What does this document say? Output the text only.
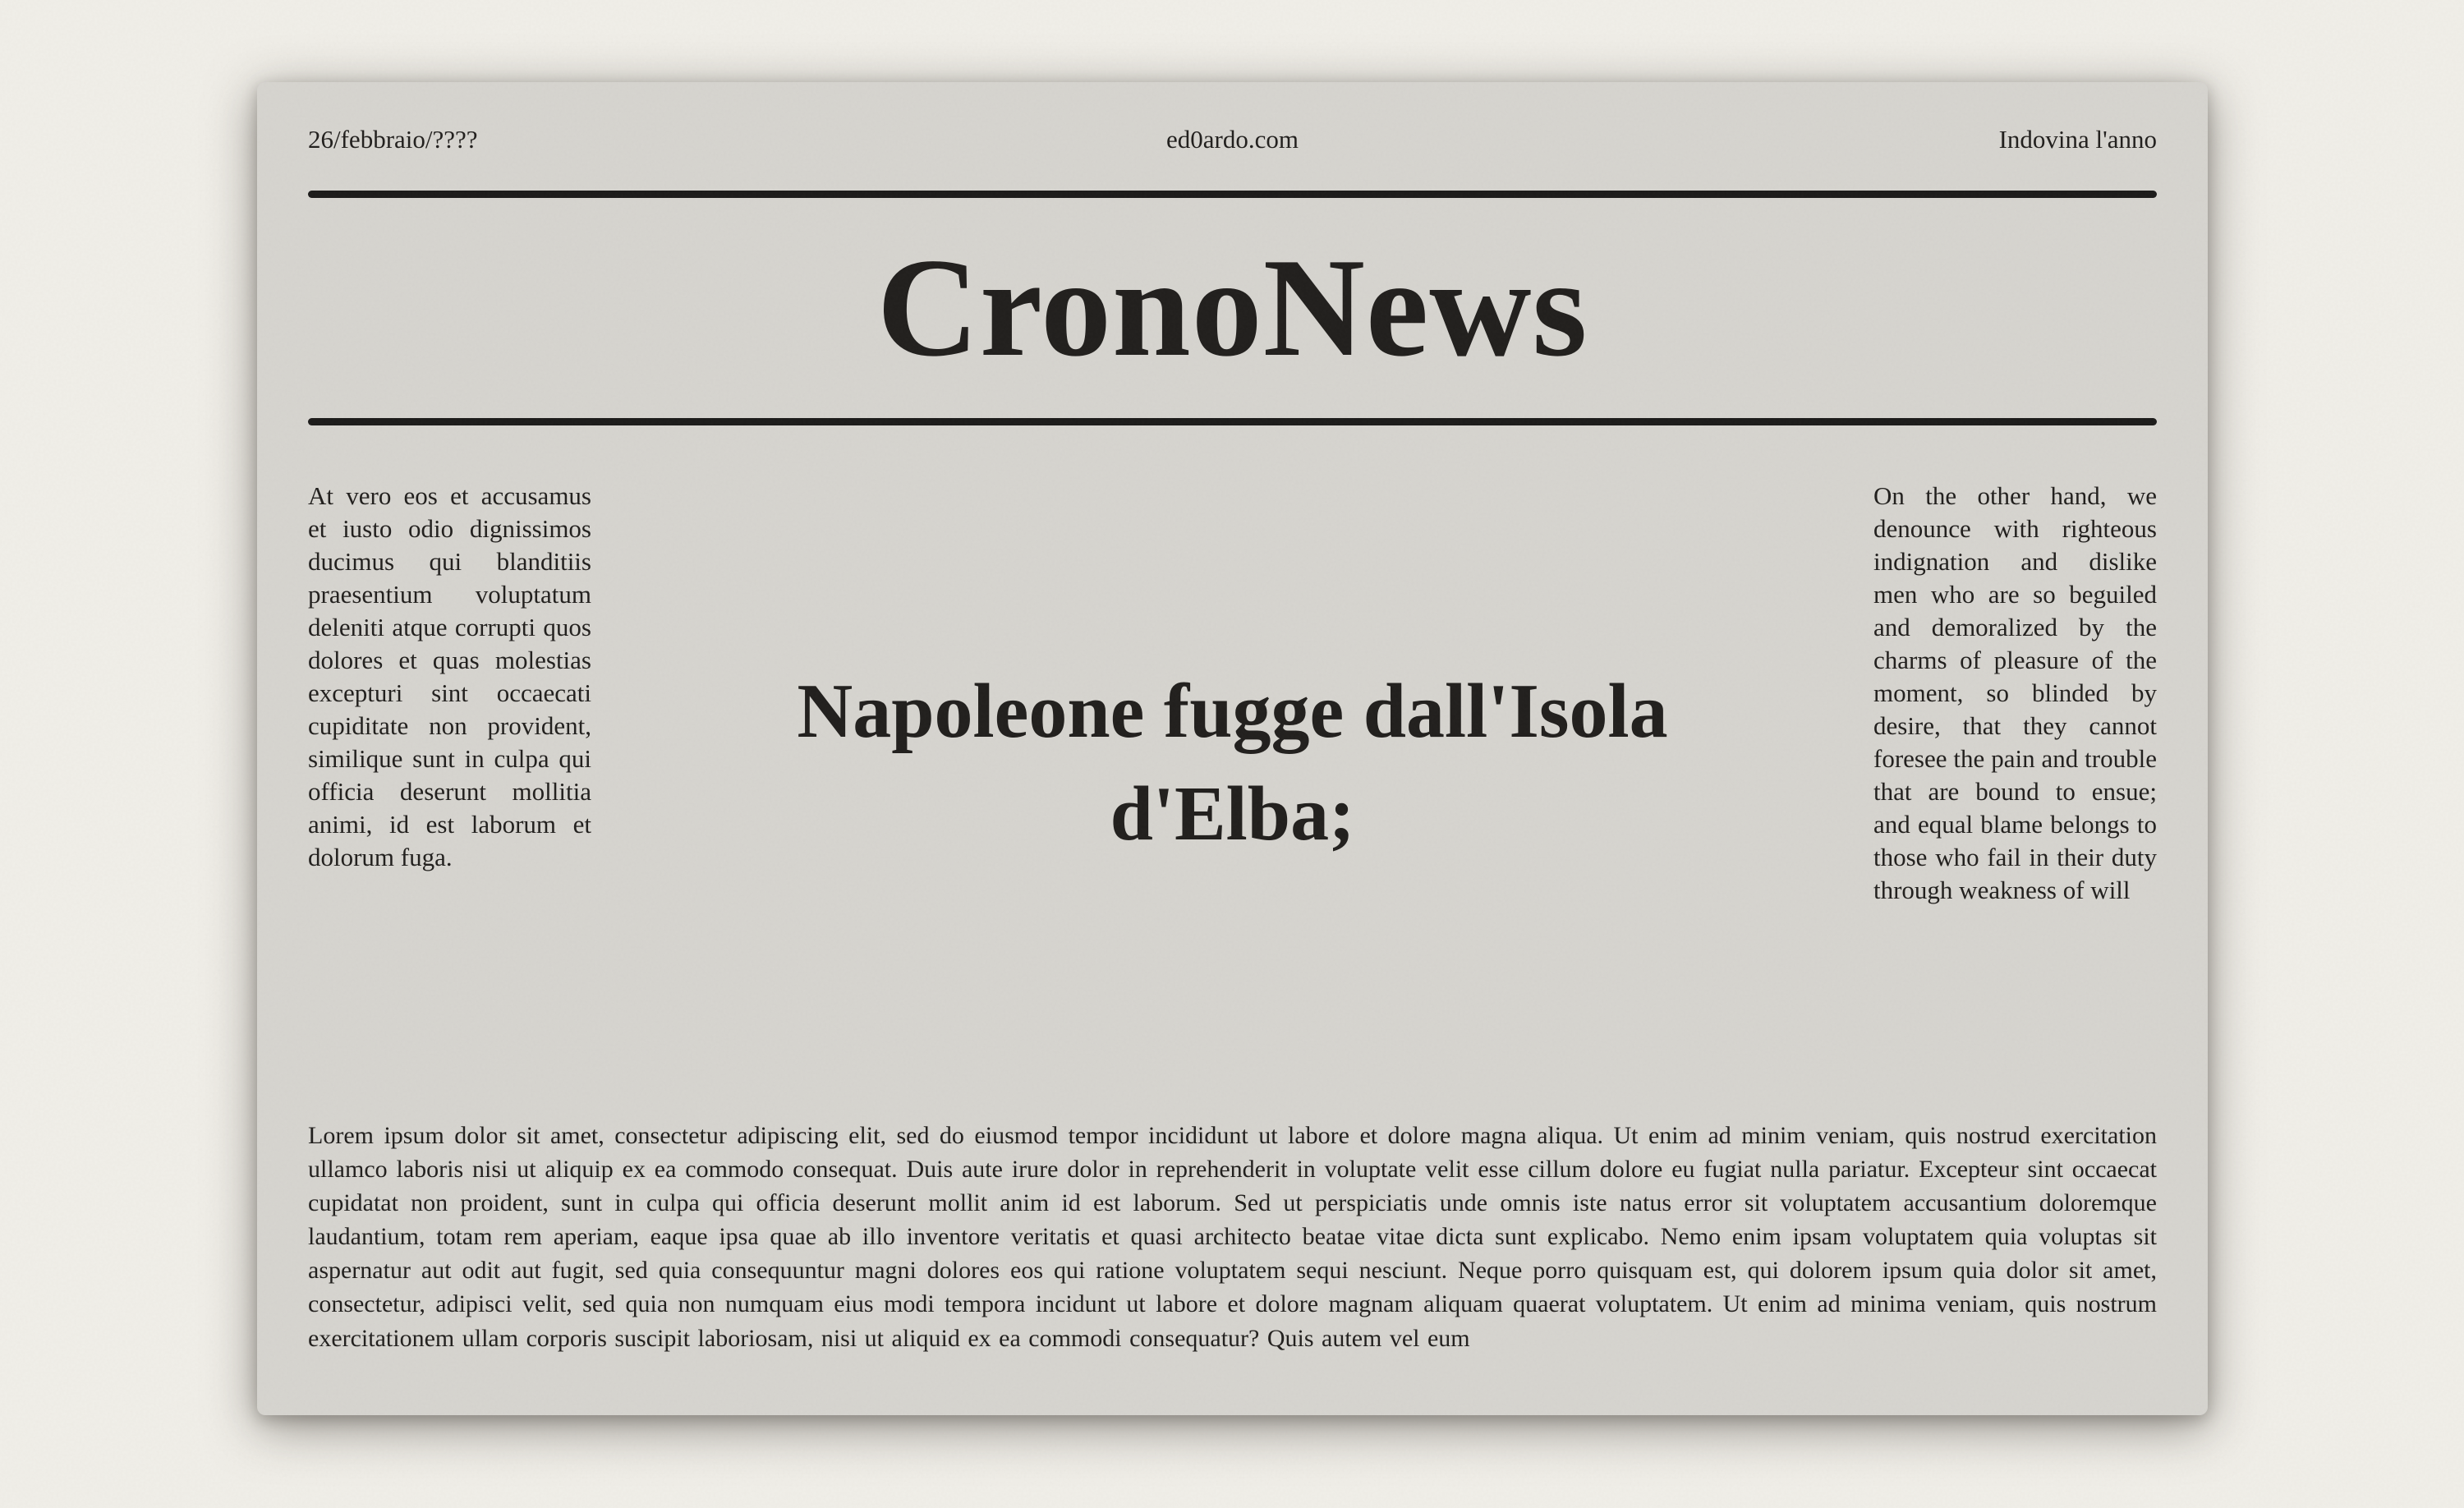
26/febbraio/????	ed0ardo.com	Indovina l'anno
CronoNews

At vero eos et accusamus et iusto odio dignissimos ducimus qui blanditiis praesentium voluptatum deleniti atque corrupti quos dolores et quas molestias excepturi sint occaecati cupiditate non provident, similique sunt in culpa qui officia deserunt mollitia animi, id est laborum et dolorum fuga.

Napoleone fugge dall'Isola d'Elba;

On the other hand, we denounce with righteous indignation and dislike men who are so beguiled and demoralized by the charms of pleasure of the moment, so blinded by desire, that they cannot foresee the pain and trouble that are bound to ensue; and equal blame belongs to those who fail in their duty through weakness of will

Lorem ipsum dolor sit amet, consectetur adipiscing elit, sed do eiusmod tempor incididunt ut labore et dolore magna aliqua. Ut enim ad minim veniam, quis nostrud exercitation ullamco laboris nisi ut aliquip ex ea commodo consequat. Duis aute irure dolor in reprehenderit in voluptate velit esse cillum dolore eu fugiat nulla pariatur. Excepteur sint occaecat cupidatat non proident, sunt in culpa qui officia deserunt mollit anim id est laborum. Sed ut perspiciatis unde omnis iste natus error sit voluptatem accusantium doloremque laudantium, totam rem aperiam, eaque ipsa quae ab illo inventore veritatis et quasi architecto beatae vitae dicta sunt explicabo. Nemo enim ipsam voluptatem quia voluptas sit aspernatur aut odit aut fugit, sed quia consequuntur magni dolores eos qui ratione voluptatem sequi nesciunt. Neque porro quisquam est, qui dolorem ipsum quia dolor sit amet, consectetur, adipisci velit, sed quia non numquam eius modi tempora incidunt ut labore et dolore magnam aliquam quaerat voluptatem. Ut enim ad minima veniam, quis nostrum exercitationem ullam corporis suscipit laboriosam, nisi ut aliquid ex ea commodi consequatur? Quis autem vel eum
